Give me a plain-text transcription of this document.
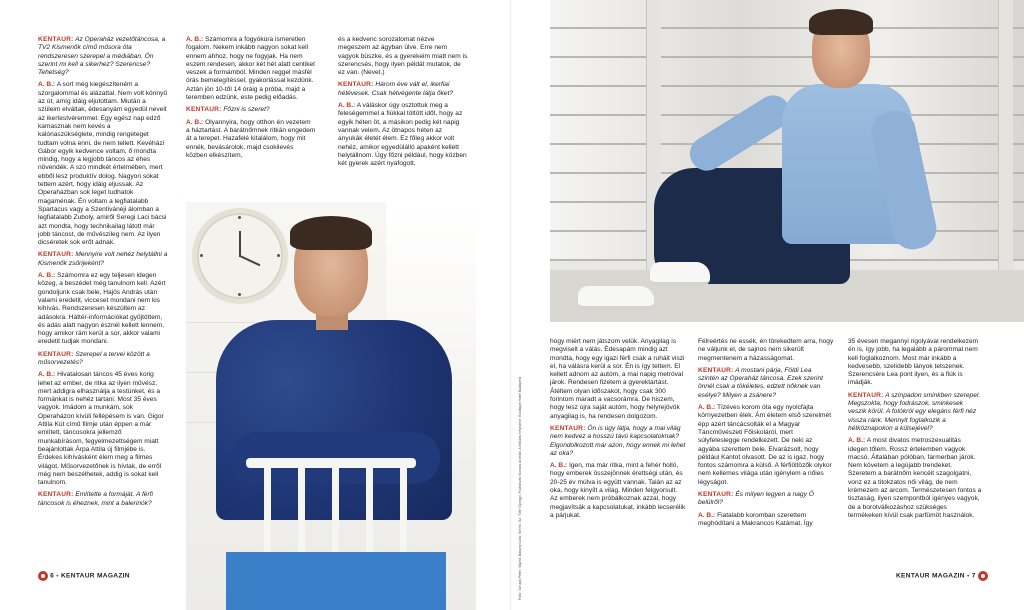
KENTAUR: Az Operaház vezetőtáncosa, a TV2 Kismenők című műsora öta rendszeresen szerepel a médiában. Ön szerint mi kell a sikerhez? Szerencse? Tehetség?

A. B.: A sort még kiegészíteném a szorgalommal és alázattal. Nem volt könnyű az út, amíg idáig eljutottam. Miután a szüleim elváltak, édesanyám egyedül nevelt az ikertestvéremmel. Egy egész nap edző kamasznak nem kevés a kalóriaszükséglete, mindig rengeteget tudtam volna enni, de nem tellett. Kevéházi Gábor egyik kedvence voltam, ő mondta mindig, hogy a legjobb táncos az éhes növendék. A szó mindkét értelmében, mert ebből lesz produktív dolog. Nagyon sokat tettem azért, hogy idáig eljussak. Az Operaházban sok leget tudhatok magaménak. Én voltam a legfiatalabb Spartacus vagy a Szentivánéji álomban a legfiatalabb Zuboly, amiről Seregi Laci bácsi azt mondta, hogy technikailag látott már jobb táncost, de művészileg nem. Az ilyen dicséretek sok erőt adnak.

KENTAUR: Mennyire volt nehéz helytállni a Kismenők zsűrijeként?

A. B.: Számomra ez egy teljesen idegen közeg, a beszédet még tanulnom kell. Azért gondoljunk csak bele, Hajós András után valami eredetit, vicceset mondani nem kis kihívás. Rendszeresen készültem az adásokra. Háttér-információkat gyűjtöttem, és adás alatt nagyon észnél kellett lennem, hogy amikor rám kerül a sor, akkor valami eredetit tudjak mondani.

KENTAUR: Szerepel a tervei között a műsorvezetés?

A. B.: Hivatalosan táncos 45 éves korig lehet az ember, de ritka az ilyen művész, mert addigra elhasználja a testünket, és a formánkat is nehéz tartani. Most 35 éves vagyok. Imádom a munkám, sok Operaházon kívüli fellépésem is van. Gigor Attila Kút című filmje után éppen a már említett, táncosokra jellemző munkabírásom, fegyelmezettségem miatt beajánlottak Árpa Attila új filmjébe is. Érdekes kihívásként élem meg a filmes világot. Műsorvezetőnek is hívtak, de erről még nem beszélhetek, addig is sokat kell tanulnom.

KENTAUR: Említette a formáját. A férfi táncosok is éheznek, mint a balerinók?

A. B.: Számomra a fogyókúra ismeretlen fogalom. Nekem inkább nagyon sokat kell ennem ahhoz, hogy ne fogyjak. Ha nem eszem rendesen, akkor két hét alatt centiket veszek a formámból. Minden reggel másfél órás bemelegítéssel, gyakorlással kezdünk. Aztán jön 10-től 14 óráig a próba, majd a teremben edzünk, este pedig előadás.

KENTAUR: Főzni is szeret?

A. B.: Olyannyira, hogy otthon én vezetem a háztartást. A barátnőmnek ritkán engedem át a terepet. Hazafelé kitalálom, hogy mit ennék, bevásárolok, majd csokilevés közben elkészítem,

és a kedvenc sorozatomat nézve megeszem az ágyban ülve. Erre nem vagyok büszke, és a gyerekeim miatt nem is szerencsés, hogy ilyen példát mutatok, de ez van. (Nevet.)

KENTAUR: Három éve vált el, ikerfiai hétévesek. Csak hétvégente látja őket?

A. B.: A váláskor úgy osztottuk meg a feleségemmel a fiúkkal töltött időt, hogy az egyik héten öt, a másikon pedig két napig vannak velem. Az ötnapos héten az anyukák életét élem. Ez főleg akkor volt nehéz, amikor egyedülálló apaként kellett helytállnom. Úgy főzni például, hogy közben két gyerek azért nyafogott,

6 • KENTAUR MAGAZIN

hogy miért nem játszom velük. Anyagilag is megviselt a válás. Édesapám mindig azt mondta, hogy egy igazi férfi csak a ruháit viszi el, ha válásra kerül a sor. Én is így tettem. El kellett adnom az autóm, a mai napig metróval járok. Rendesen fizetem a gyerektartást. Átéltem olyan időszakot, hogy csak 300 forintom maradt a vacsorámra. De hiszem, hogy lesz újra saját autóm, hogy helyrejövök anyagilag is, ha rendesen dolgozom.

KENTAUR: Ön is úgy látja, hogy a mai világ nem kedvez a hosszú távú kapcsolatoknak? Elgondolkozott már azon, hogy ennek mi lehet az oka?

A. B.: Igen, ma már ritka, mint a fehér holló, hogy emberek összejönnek érettségi után, és 20-25 év múlva is együtt vannak. Talán az az oka, hogy kinyílt a világ. Minden felgyorsult. Az emberek nem próbálkoznak azzal, hogy megjavítsák a kapcsolatukat, inkább lecserélik a párjukat.

Félreértés ne essék, én törekedtem arra, hogy ne váljunk el, de sajnos nem sikerült megmentenem a házasságomat.

KENTAUR: A mostani párja, Földi Lea szintén az Operaház táncosa. Ezek szerint önnél csak a tökéletes, edzett nőknek van esélye? Milyen a zsánere?

A. B.: Tízéves korom óta egy nyolcfajta környezetben élek. Ám életem első szerelmét épp azért táncácsolták el a Magyar Táncművészeti Főiskoláról, mert súlyfeleslegge rendelkezett. De neki az agyába szerettem bele. Elvarázsolt, hogy például Kantot olvasott. De az is igaz, hogy fontos számomra a külső. A férfiöltözők olykor nem kellemes világa után igénylem a nőies légyságot.

KENTAUR: És milyen legyen a nagy Ő belülről?

A. B.: Fiatalabb koromban szerettem meghódítani a Makrancos Katámat. Így

35 évesen megannyi rigolyával rendelkezem én is, így jobb, ha legalább a párommal nem kell foglalkoznom. Most már inkább a kedvesebb, szelídebb lányok tetszenek. Szerencsére Lea pont ilyen, és a fiúk is imádják.

KENTAUR: A színpadon sminkben szerepel. Megszokta, hogy fodrászok, sminkesek veszik körül. A fotókról egy elegáns férfi néz vissza ránk. Mennyit foglalkozik a hétköznapokon a külsejével?

A. B.: A most divatos metroszexualitás idegen tőlem. Rossz értelemben vagyok macsó. Általában pólóban, farmerban járok. Nem követem a legújabb trendeket. Szeretem a barátnőm kencéit szagolgatni, vonz ez a titokzatos női világ, de nem krémezem az arcom. Természetesen fontos a tisztaság, ilyen szempontból igényes vagyok, de a borotválkozáshoz szükséges termékeken kívül csak parfümöt használok.

KENTAUR MAGAZIN • 7
Fotó: Szrupa Péter; Stylist: Bakonyi Lilla; Smink: Sz. Tóth Györgyi; Fodrászat: Kovács Aranka; A fotózás helyszíne: Boutique Hotel Budapest
